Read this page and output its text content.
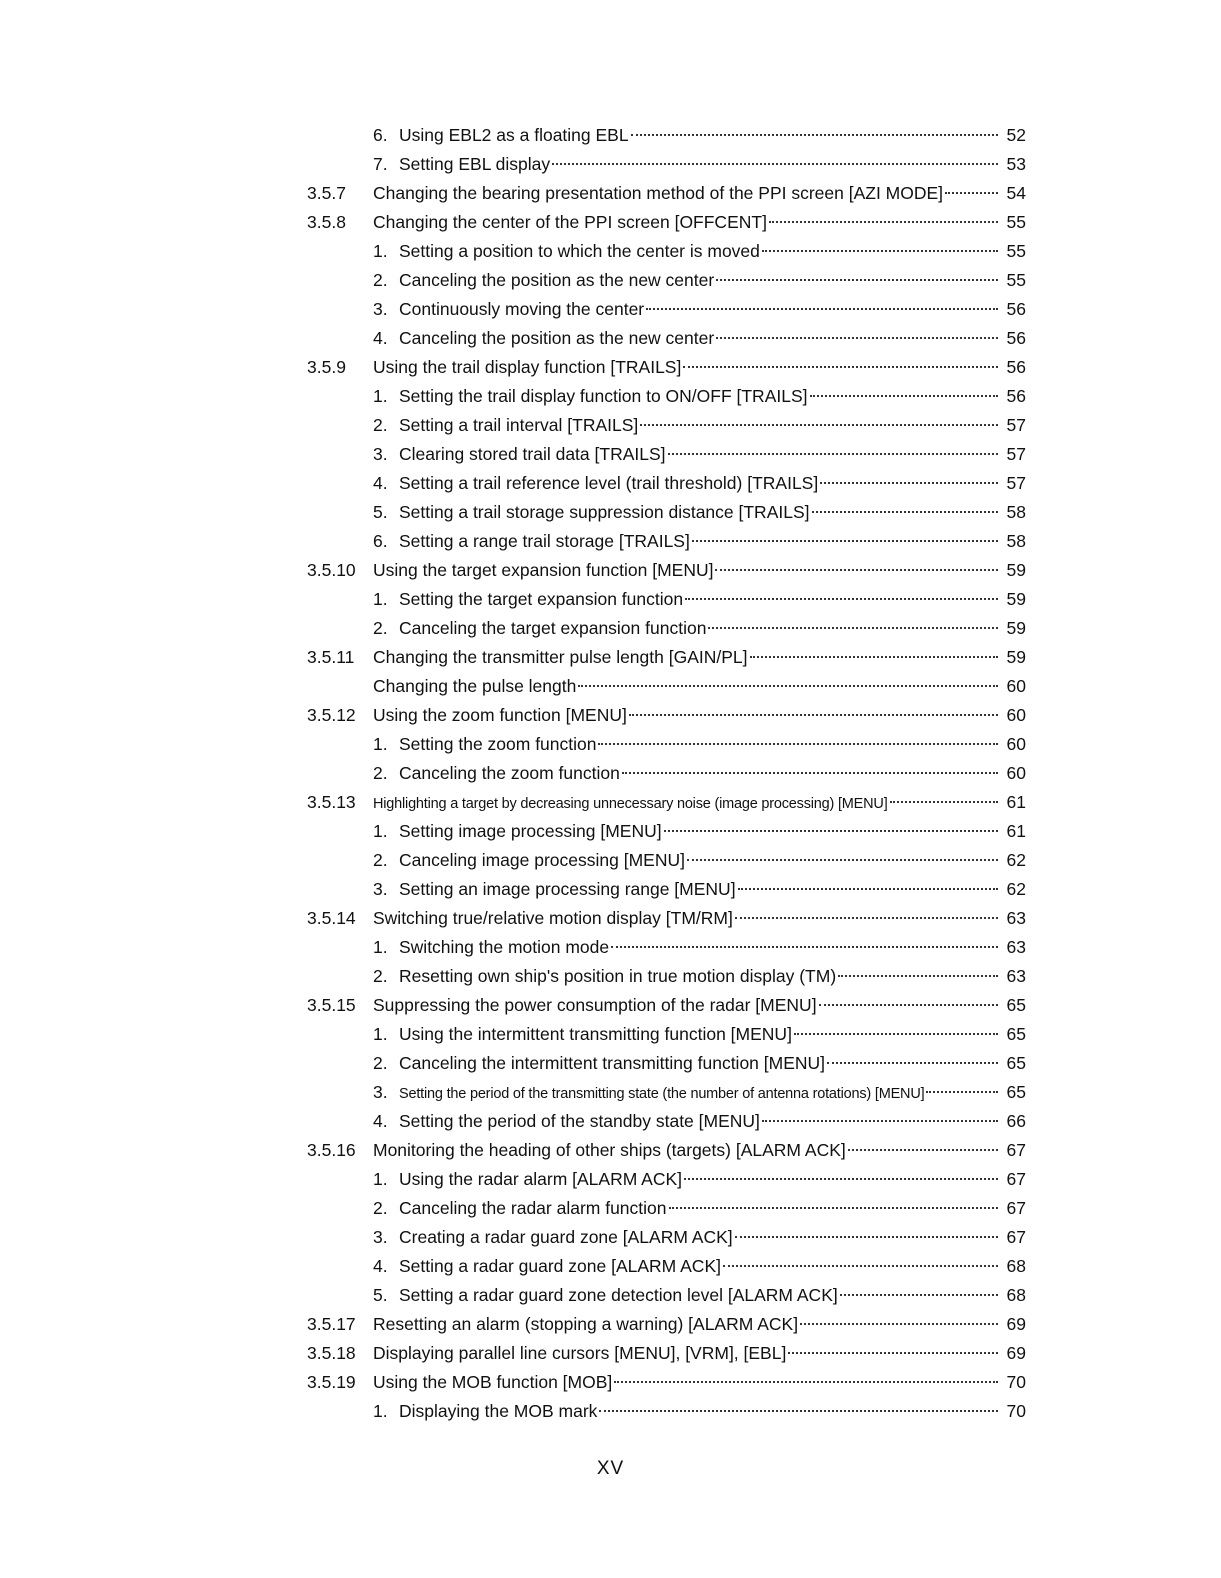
6. Using EBL2 as a floating EBL	52
7. Setting EBL display	53
3.5.7 Changing the bearing presentation method of the PPI screen [AZI MODE]	54
3.5.8 Changing the center of the PPI screen [OFFCENT]	55
1. Setting a position to which the center is moved	55
2. Canceling the position as the new center	55
3. Continuously moving the center	56
4. Canceling the position as the new center	56
3.5.9 Using the trail display function [TRAILS]	56
1. Setting the trail display function to ON/OFF [TRAILS]	56
2. Setting a trail interval [TRAILS]	57
3. Clearing stored trail data [TRAILS]	57
4. Setting a trail reference level (trail threshold) [TRAILS]	57
5. Setting a trail storage suppression distance [TRAILS]	58
6. Setting a range trail storage [TRAILS]	58
3.5.10 Using the target expansion function [MENU]	59
1. Setting the target expansion function	59
2. Canceling the target expansion function	59
3.5.11 Changing the transmitter pulse length [GAIN/PL]	59
Changing the pulse length	60
3.5.12 Using the zoom function [MENU]	60
1. Setting the zoom function	60
2. Canceling the zoom function	60
3.5.13 Highlighting a target by decreasing unnecessary noise (image processing) [MENU]	61
1. Setting image processing [MENU]	61
2. Canceling image processing [MENU]	62
3. Setting an image processing range [MENU]	62
3.5.14 Switching true/relative motion display [TM/RM]	63
1. Switching the motion mode	63
2. Resetting own ship's position in true motion display (TM)	63
3.5.15 Suppressing the power consumption of the radar [MENU]	65
1. Using the intermittent transmitting function [MENU]	65
2. Canceling the intermittent transmitting function [MENU]	65
3. Setting the period of the transmitting state (the number of antenna rotations) [MENU]	65
4. Setting the period of the standby state [MENU]	66
3.5.16 Monitoring the heading of other ships (targets) [ALARM ACK]	67
1. Using the radar alarm [ALARM ACK]	67
2. Canceling the radar alarm function	67
3. Creating a radar guard zone [ALARM ACK]	67
4. Setting a radar guard zone [ALARM ACK]	68
5. Setting a radar guard zone detection level [ALARM ACK]	68
3.5.17 Resetting an alarm (stopping a warning) [ALARM ACK]	69
3.5.18 Displaying parallel line cursors [MENU], [VRM], [EBL]	69
3.5.19 Using the MOB function [MOB]	70
1. Displaying the MOB mark	70
XV
